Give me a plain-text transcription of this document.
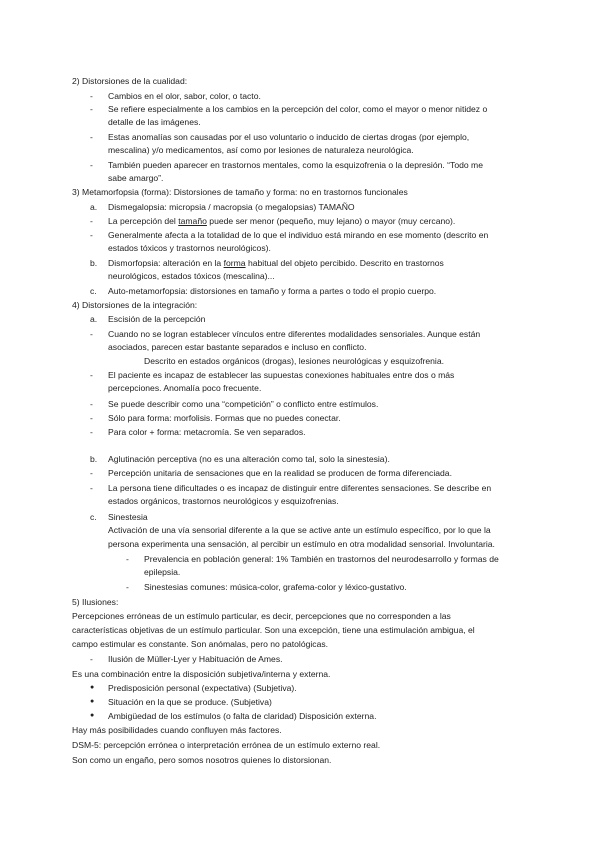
2) Distorsiones de la cualidad:
- Cambios en el olor, sabor, color, o tacto.
- Se refiere especialmente a los cambios en la percepción del color, como el mayor o menor nitidez o
detalle de las imágenes.
- Estas anomalías son causadas por el uso voluntario o inducido de ciertas drogas (por ejemplo,
mescalina) y/o medicamentos, así como por lesiones de naturaleza neurológica.
- También pueden aparecer en trastornos mentales, como la esquizofrenia o la depresión. “Todo me
sabe amargo”.
3) Metamorfopsia (forma): Distorsiones de tamaño y forma: no en trastornos funcionales
a. Dismegalopsia: micropsia / macropsia (o megalopsias) TAMAÑO
- La percepción del tamaño puede ser menor (pequeño, muy lejano) o mayor (muy cercano).
- Generalmente afecta a la totalidad de lo que el individuo está mirando en ese momento (descrito en
estados tóxicos y trastornos neurológicos).
b. Dismorfopsia: alteración en la forma habitual del objeto percibido. Descrito en trastornos
neurológicos, estados tóxicos (mescalina)...
c. Auto-metamorfopsia: distorsiones en tamaño y forma a partes o todo el propio cuerpo.
4) Distorsiones de la integración:
a. Escisión de la percepción
- Cuando no se logran establecer vínculos entre diferentes modalidades sensoriales. Aunque están
asociados, parecen estar bastante separados e incluso en conflicto.
Descrito en estados orgánicos (drogas), lesiones neurológicas y esquizofrenia.
- El paciente es incapaz de establecer las supuestas conexiones habituales entre dos o más
percepciones. Anomalía poco frecuente.
- Se puede describir como una “competición” o conflicto entre estímulos.
- Sólo para forma: morfolisis. Formas que no puedes conectar.
- Para color + forma: metacromía. Se ven separados.
b. Aglutinación perceptiva (no es una alteración como tal, solo la sinestesia).
- Percepción unitaria de sensaciones que en la realidad se producen de forma diferenciada.
- La persona tiene dificultades o es incapaz de distinguir entre diferentes sensaciones. Se describe en
estados orgánicos, trastornos neurológicos y esquizofrenias.
c. Sinestesia
Activación de una vía sensorial diferente a la que se active ante un estímulo específico, por lo que la
persona experimenta una sensación, al percibir un estímulo en otra modalidad sensorial. Involuntaria.
- Prevalencia en población general: 1% También en trastornos del neurodesarrollo y formas de
epilepsia.
- Sinestesias comunes: música-color, grafema-color y léxico-gustativo.
5) Ilusiones:
Percepciones erróneas de un estímulo particular, es decir, percepciones que no corresponden a las
características objetivas de un estímulo particular. Son una excepción, tiene una estimulación ambigua, el
campo estimular es constante. Son anómalas, pero no patológicas.
- Ilusión de Müller-Lyer y Habituación de Ames.
Es una combinación entre la disposición subjetiva/interna y externa.
● Predisposición personal (expectativa) (Subjetiva).
● Situación en la que se produce. (Subjetiva)
● Ambigüedad de los estímulos (o falta de claridad) Disposición externa.
Hay más posibilidades cuando confluyen más factores.
DSM-5: percepción errónea o interpretación errónea de un estímulo externo real.
Son como un engaño, pero somos nosotros quienes lo distorsionan.
